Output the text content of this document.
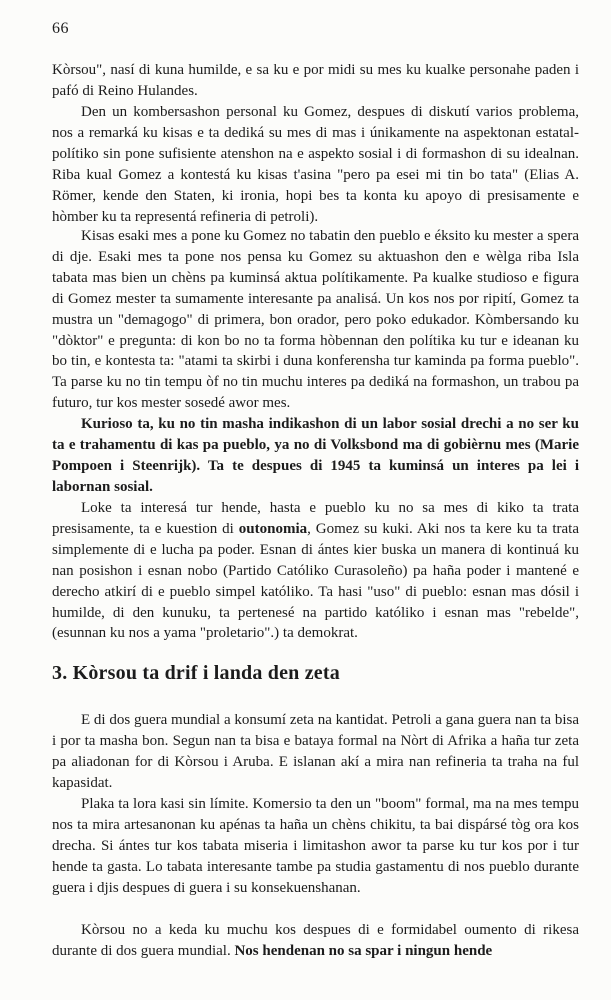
66

Kòrsou", nasí di kuna humilde, e sa ku e por midi su mes ku kualke personahe paden i pafó di Reino Hulandes.

Den un kombersashon personal ku Gomez, despues di diskutí varios problema, nos a remarká ku kisas e ta dediká su mes di mas i únikamente na aspektonan estatal-polítiko sin pone sufisiente atenshon na e aspekto sosial i di formashon di su idealnan. Riba kual Gomez a kontestá ku kisas t'asina "pero pa esei mi tin bo tata" (Elias A. Römer, kende den Staten, ki ironia, hopi bes ta konta ku apoyo di presisamente e hòmber ku ta representá refineria di petroli).

Kisas esaki mes a pone ku Gomez no tabatin den pueblo e éksito ku mester a spera di dje. Esaki mes ta pone nos pensa ku Gomez su aktuashon den e wèlga riba Isla tabata mas bien un chèns pa kuminsá aktua polítikamente. Pa kualke studioso e figura di Gomez mester ta sumamente interesante pa analisá. Un kos nos por ripití, Gomez ta mustra un "demagogo" di primera, bon orador, pero poko edukador. Kòmbersando ku "dòktor" e pregunta: di kon bo no ta forma hòbennan den polítika ku tur e ideanan ku bo tin, e kontesta ta: "atami ta skirbi i duna konferensha tur kaminda pa forma pueblo". Ta parse ku no tin tempu òf no tin muchu interes pa dediká na formashon, un trabou pa futuro, tur kos mester sosedé awor mes.

Kurioso ta, ku no tin masha indikashon di un labor sosial drechi a no ser ku ta e trahamentu di kas pa pueblo, ya no di Volksbond ma di gobièrnu mes (Marie Pompoen i Steenrijk). Ta te despues di 1945 ta kuminsá un interes pa lei i labornan sosial.

Loke ta interesá tur hende, hasta e pueblo ku no sa mes di kiko ta trata presisamente, ta e kuestion di outonomia, Gomez su kuki. Aki nos ta kere ku ta trata simplemente di e lucha pa poder. Esnan di ántes kier buska un manera di kontinuá ku nan posishon i esnan nobo (Partido Católiko Curasoleño) pa haña poder i mantené e derecho atkirí di e pueblo simpel katóliko. Ta hasi "uso" di pueblo: esnan mas dósil i humilde, di den kunuku, ta pertenesé na partido katóliko i esnan mas "rebelde", (esunnan ku nos a yama "proletario".) ta demokrat.

3. Kòrsou ta drif i landa den zeta

E di dos guera mundial a konsumí zeta na kantidat. Petroli a gana guera nan ta bisa i por ta masha bon. Segun nan ta bisa e bataya formal na Nòrt di Afrika a haña tur zeta pa aliadonan for di Kòrsou i Aruba. E islanan akí a mira nan refineria ta traha na ful kapasidat.

Plaka ta lora kasi sin límite. Komersio ta den un "boom" formal, ma na mes tempu nos ta mira artesanonan ku apénas ta haña un chèns chikitu, ta bai dispársé tòg ora kos drecha. Si ántes tur kos tabata miseria i limitashon awor ta parse ku tur kos por i tur hende ta gasta. Lo tabata interesante tambe pa studia gastamentu di nos pueblo durante guera i djis despues di guera i su konsekuenshanan.

Kòrsou no a keda ku muchu kos despues di e formidabel oumento di rikesa durante di dos guera mundial. Nos hendenan no sa spar i ningun hende
